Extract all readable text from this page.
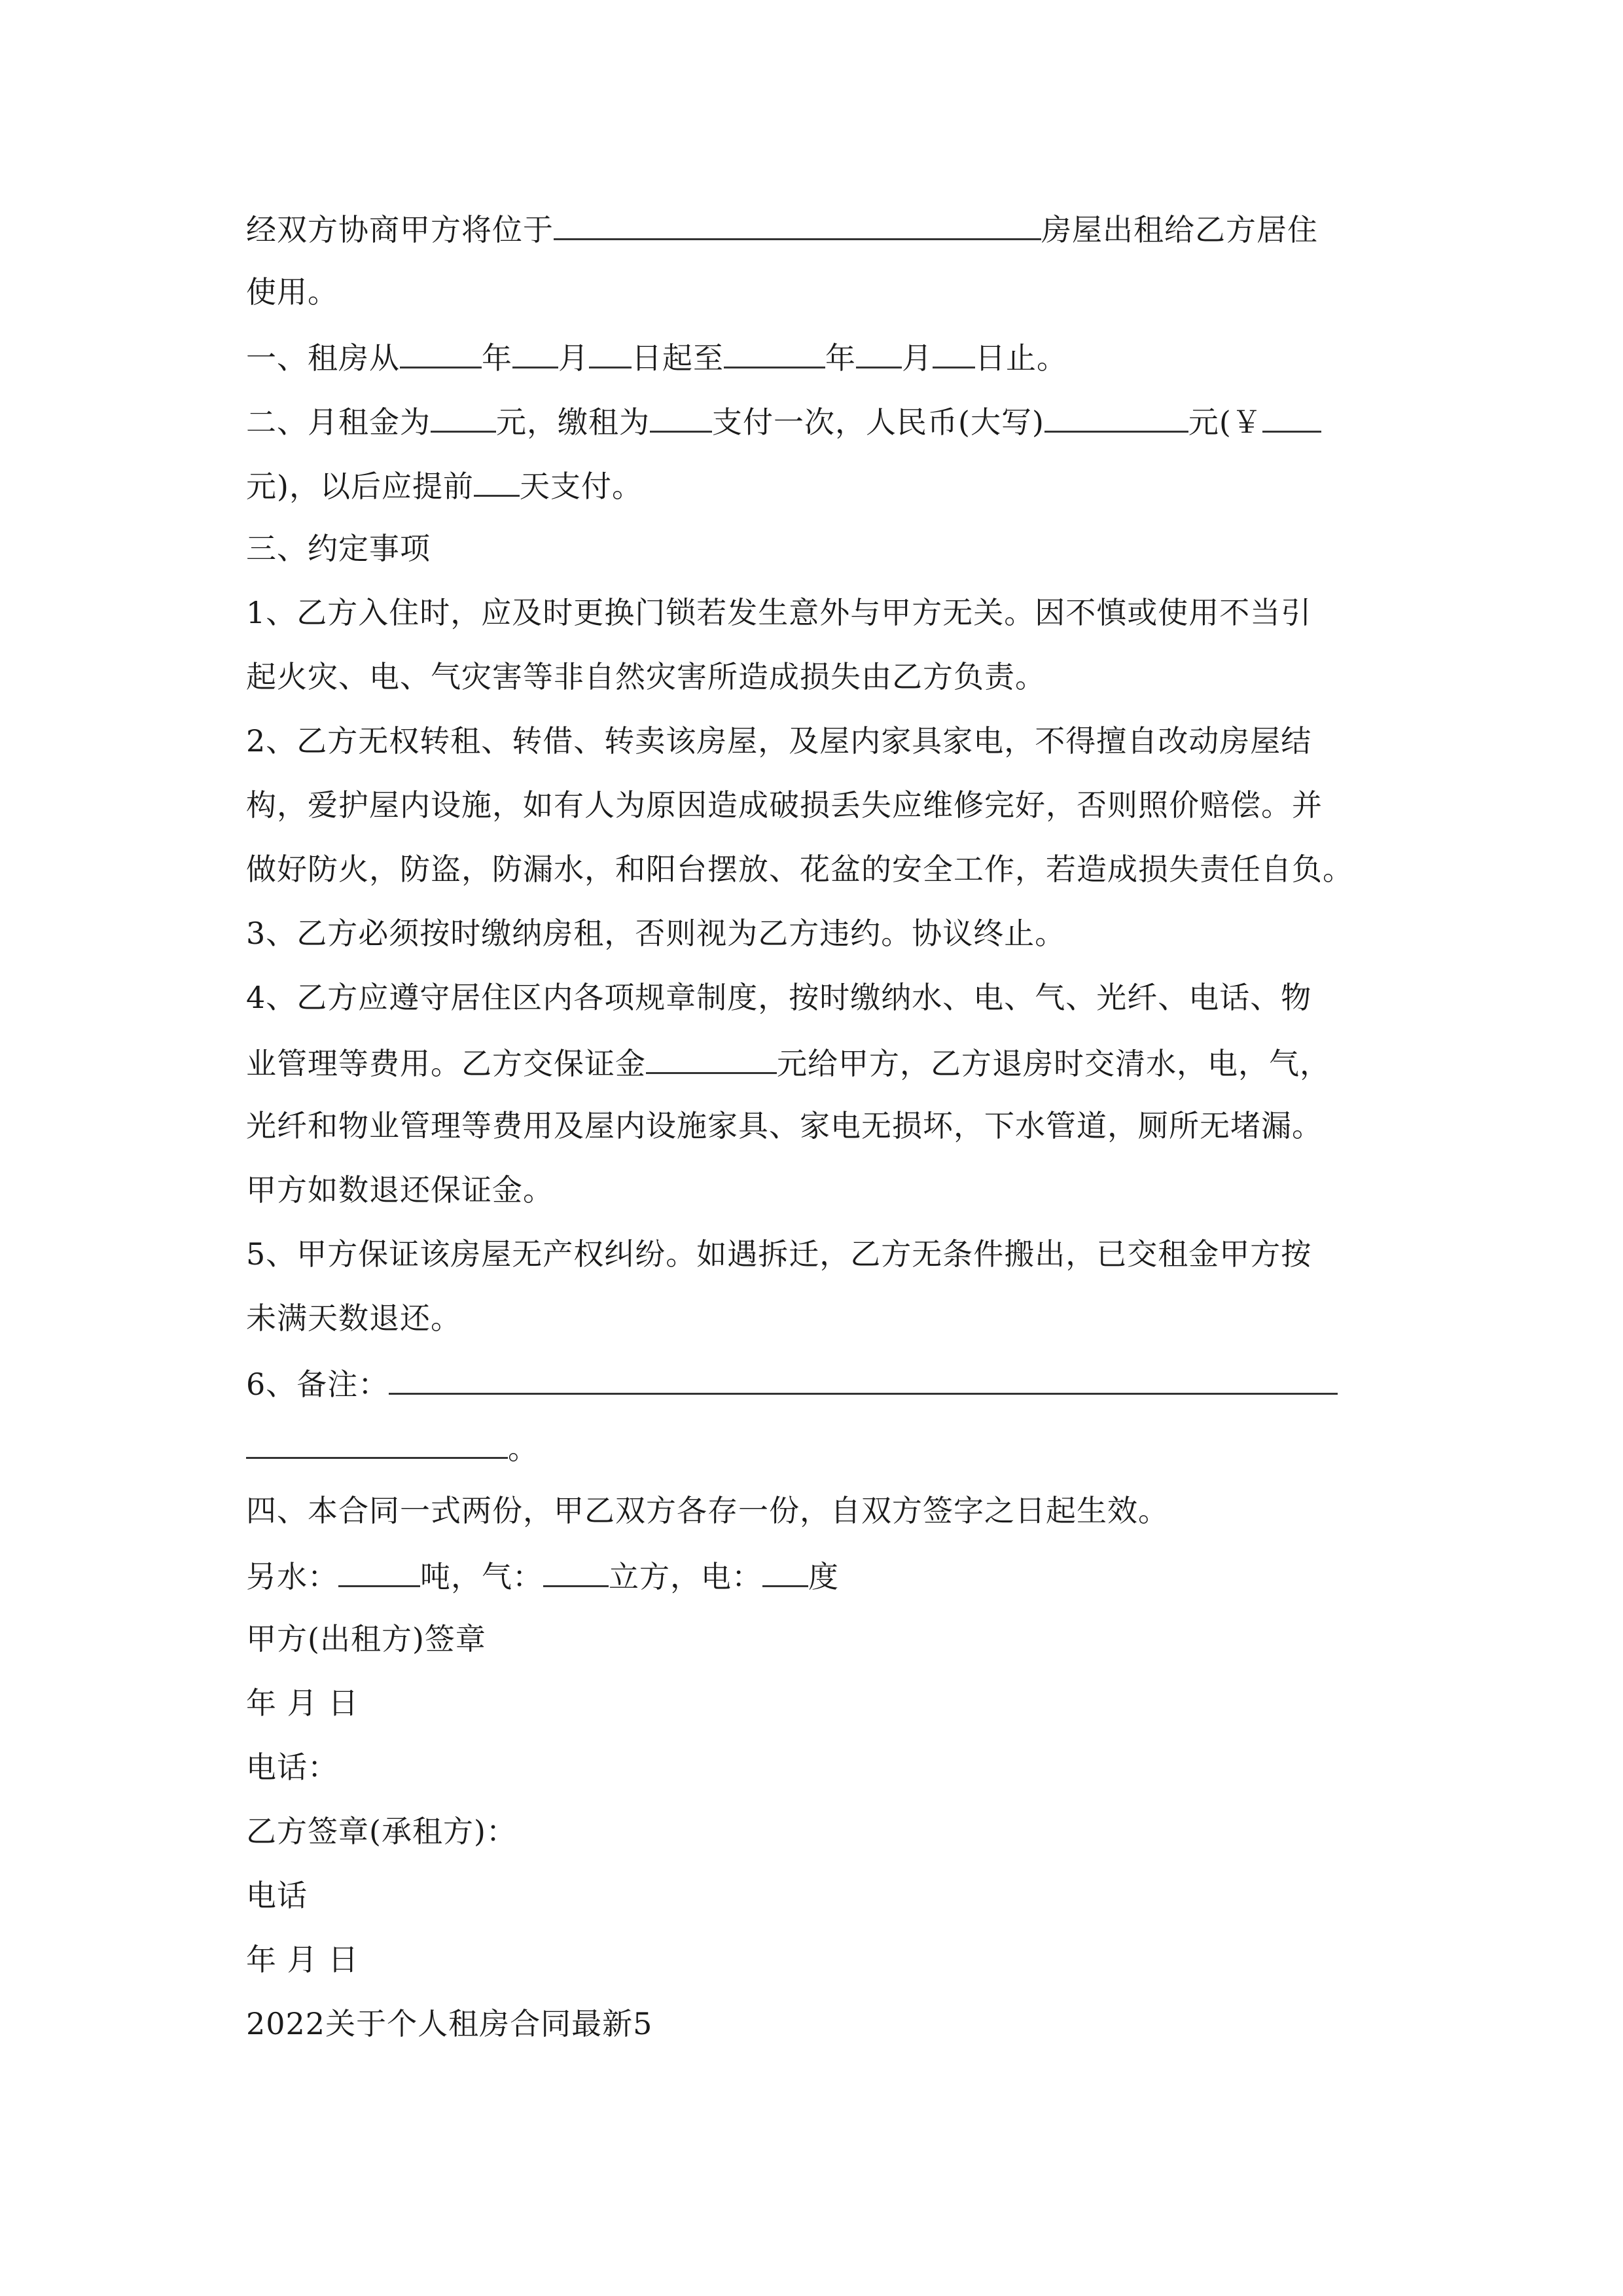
经双方协商甲方将位于	房屋出租给乙方居住
使用。
一、租房从	年 月 日起至	年 月 日止。
二、月租金为 元，缴租为 支付一次，人民币(大写)	元(￥
元)，以后应提前 天支付。
三、约定事项
1、乙方入住时，应及时更换门锁若发生意外与甲方无关。因不慎或使用不当引
起火灾、电、气灾害等非自然灾害所造成损失由乙方负责。
2、乙方无权转租、转借、转卖该房屋，及屋内家具家电，不得擅自改动房屋结
构，爱护屋内设施，如有人为原因造成破损丢失应维修完好，否则照价赔偿。并
做好防火，防盗，防漏水，和阳台摆放、花盆的安全工作，若造成损失责任自负。
3、乙方必须按时缴纳房租，否则视为乙方违约。协议终止。
4、乙方应遵守居住区内各项规章制度，按时缴纳水、电、气、光纤、电话、物
业管理等费用。乙方交保证金	元给甲方，乙方退房时交清水，电，气，
光纤和物业管理等费用及屋内设施家具、家电无损坏，下水管道，厕所无堵漏。
甲方如数退还保证金。
5、甲方保证该房屋无产权纠纷。如遇拆迁，乙方无条件搬出，已交租金甲方按
未满天数退还。
6、备注：
。
四、本合同一式两份，甲乙双方各存一份，自双方签字之日起生效。
另水：	吨，气： 立方，电： 度
甲方(出租方)签章
年 月 日
电话：
乙方签章(承租方)：
电话
年 月 日
2022关于个人租房合同最新5
